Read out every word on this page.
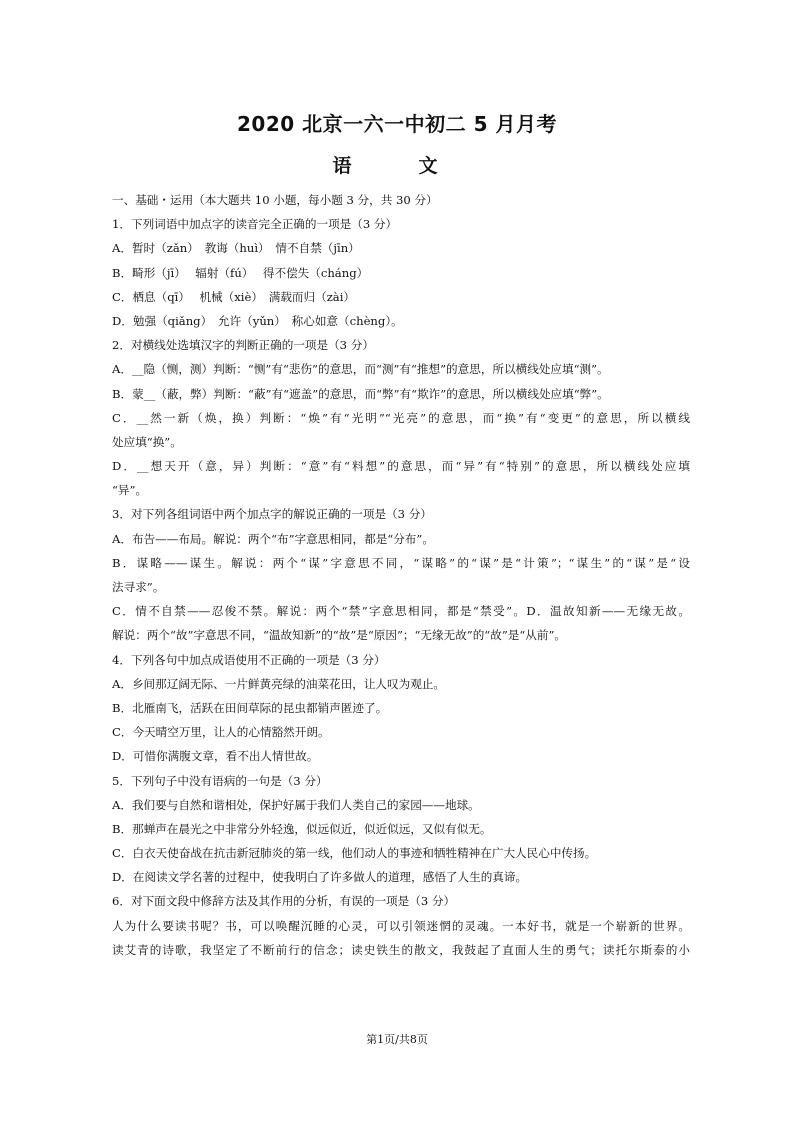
2020 北京一六一中初二 5 月月考
语　文
一、基础・运用（本大题共 10 小题，每小题 3 分，共 30 分）
1．下列词语中加点字的读音完全正确的一项是（3 分）
A．暂时（zǎn）　教诲（huì）　情不自禁（jīn）
B．畸形（jī）　 辐射（fú）　 得不偿失（cháng）
C．栖息（qī）　 机械（xiè）　满载而归（zài）
D．勉强（qiǎng）　允许（yǔn）　称心如意（chèng）。
2．对横线处选填汉字的判断正确的一项是（3 分）
A．__隐（恻，测）判断：“恻”有“悲伤”的意思，而“测”有“推想”的意思，所以横线处应填“测”。
B．蒙__（蔽，弊）判断：“蔽”有“遮盖”的意思，而“弊”有“欺诈”的意思，所以横线处应填“弊”。
C．__然一新（焕，换）判断：“焕”有“光明”“光亮”的意思，而“换”有“变更”的意思，所以横线
处应填“换”。
D．__想天开（意，异）判断：“意”有“料想”的意思，而“异”有“特别”的意思，所以横线处应填
“异”。
3．对下列各组词语中两个加点字的解说正确的一项是（3 分）
A．布告——布局。解说：两个“布”字意思相同，都是“分布”。
B．谋略——谋生。解说：两个“谋”字意思不同，“谋略”的“谋”是“计策”；“谋生”的“谋”是“设
法寻求”。
C．情不自禁——忍俊不禁。解说：两个“禁”字意思相同，都是“禁受”。D．温故知新——无缘无故。
解说：两个“故”字意思不同，“温故知新”的“故”是“原因”；“无缘无故”的“故”是“从前”。
4．下列各句中加点成语使用不正确的一项是（3 分）
A．乡间那辽阔无际、一片鲜黄亮绿的油菜花田，让人叹为观止。
B．北雁南飞，活跃在田间草际的昆虫都销声匿迹了。
C．今天晴空万里，让人的心情豁然开朗。
D．可惜你满腹文章，看不出人情世故。
5．下列句子中没有语病的一句是（3 分）
A．我们要与自然和谐相处，保护好属于我们人类自己的家园——地球。
B．那蝉声在晨光之中非常分外轻逸，似远似近，似近似远，又似有似无。
C．白衣天使奋战在抗击新冠肺炎的第一线，他们动人的事迹和牺牲精神在广大人民心中传扬。
D．在阅读文学名著的过程中，使我明白了许多做人的道理，感悟了人生的真谛。
6．对下面文段中修辞方法及其作用的分析，有误的一项是（3 分）
人为什么要读书呢？书，可以唤醒沉睡的心灵，可以引领迷惘的灵魂。一本好书，就是一个崭新的世界。
读艾青的诗歌，我坚定了不断前行的信念；读史铁生的散文，我鼓起了直面人生的勇气；读托尔斯泰的小
第1页/共8页
